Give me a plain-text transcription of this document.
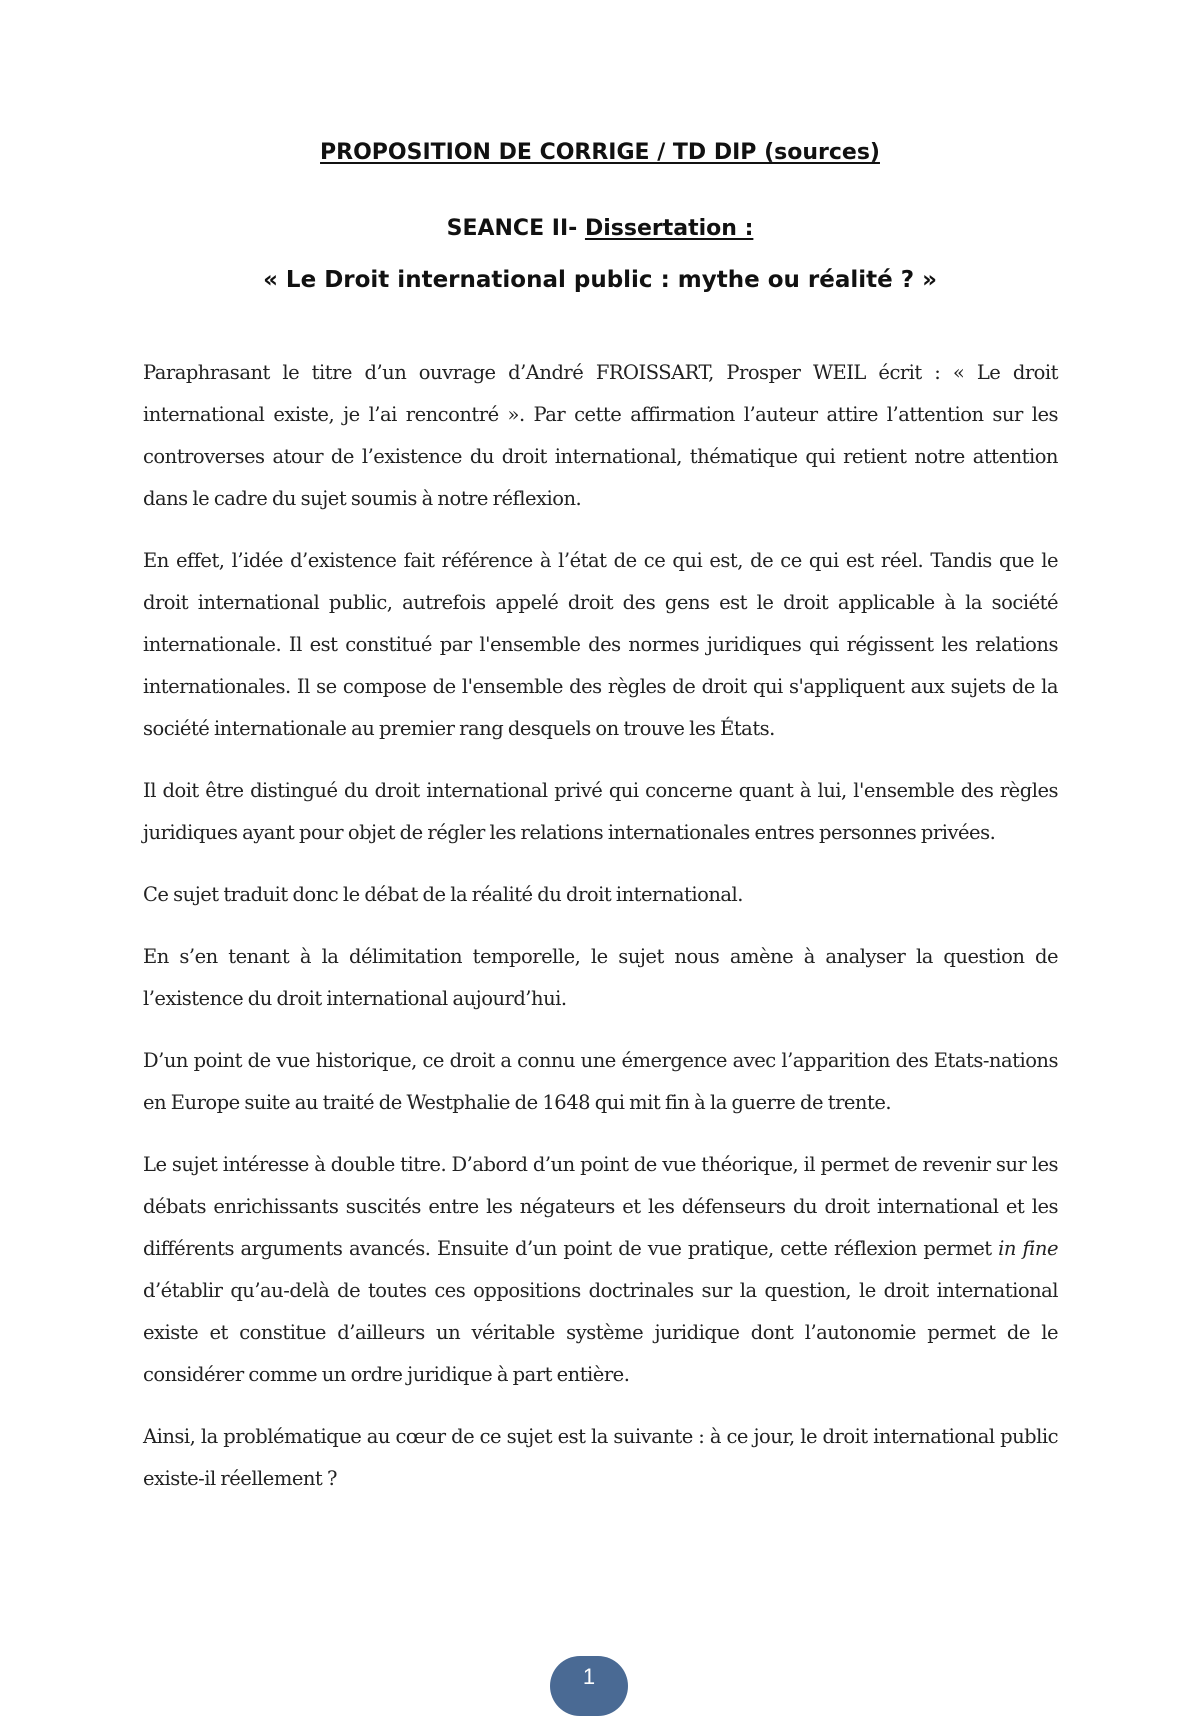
PROPOSITION DE CORRIGE / TD DIP (sources)
SEANCE II- Dissertation :
« Le Droit international public : mythe ou réalité ? »

Paraphrasant le titre d’un ouvrage d’André FROISSART, Prosper WEIL écrit : « Le droit international existe, je l’ai rencontré ». Par cette affirmation l’auteur attire l’attention sur les controverses atour de l’existence du droit international, thématique qui retient notre attention dans le cadre du sujet soumis à notre réflexion.

En effet, l’idée d’existence fait référence à l’état de ce qui est, de ce qui est réel. Tandis que le droit international public, autrefois appelé droit des gens est le droit applicable à la société internationale. Il est constitué par l'ensemble des normes juridiques qui régissent les relations internationales. Il se compose de l'ensemble des règles de droit qui s'appliquent aux sujets de la société internationale au premier rang desquels on trouve les États.

Il doit être distingué du droit international privé qui concerne quant à lui, l'ensemble des règles juridiques ayant pour objet de régler les relations internationales entres personnes privées.

Ce sujet traduit donc le débat de la réalité du droit international.

En s’en tenant à la délimitation temporelle, le sujet nous amène à analyser la question de l’existence du droit international aujourd’hui.

D’un point de vue historique, ce droit a connu une émergence avec l’apparition des Etats-nations en Europe suite au traité de Westphalie de 1648 qui mit fin à la guerre de trente.

Le sujet intéresse à double titre. D’abord d’un point de vue théorique, il permet de revenir sur les débats enrichissants suscités entre les négateurs et les défenseurs du droit international et les différents arguments avancés. Ensuite d’un point de vue pratique, cette réflexion permet in fine d’établir qu’au-delà de toutes ces oppositions doctrinales sur la question, le droit international existe et constitue d’ailleurs un véritable système juridique dont l’autonomie permet de le considérer comme un ordre juridique à part entière.

Ainsi, la problématique au cœur de ce sujet est la suivante : à ce jour, le droit international public existe-il réellement ?

1
